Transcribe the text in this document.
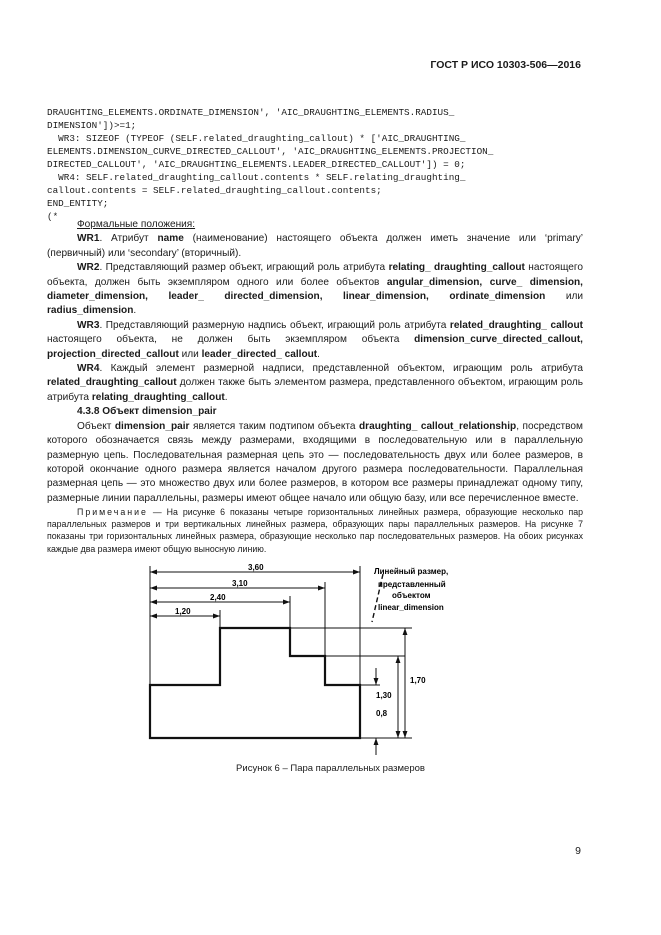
ГОСТ Р ИСО 10303-506—2016

DRAUGHTING_ELEMENTS.ORDINATE_DIMENSION', 'AIC_DRAUGHTING_ELEMENTS.RADIUS_
DIMENSION'])>=1;
WR3: SIZEOF (TYPEOF (SELF.related_draughting_callout) * ['AIC_DRAUGHTING_
ELEMENTS.DIMENSION_CURVE_DIRECTED_CALLOUT', 'AIC_DRAUGHTING_ELEMENTS.PROJECTION_
DIRECTED_CALLOUT', 'AIC_DRAUGHTING_ELEMENTS.LEADER_DIRECTED_CALLOUT']) = 0;
WR4: SELF.related_draughting_callout.contents * SELF.relating_draughting_
callout.contents = SELF.related_draughting_callout.contents;
END_ENTITY;
(*

Формальные положения:

WR1. Атрибут name (наименование) настоящего объекта должен иметь значение или ‘primary’ (первичный) или ‘secondary’ (вторичный).

WR2. Представляющий размер объект, играющий роль атрибута relating_ draughting_callout настоящего объекта, должен быть экземпляром одного или более объектов angular_dimension, curve_ dimension, diameter_dimension, leader_ directed_dimension, linear_dimension, ordinate_dimension или radius_dimension.

WR3. Представляющий размерную надпись объект, играющий роль атрибута related_draughting_ callout настоящего объекта, не должен быть экземпляром объекта dimension_curve_directed_callout, projection_directed_callout или leader_directed_ callout.

WR4. Каждый элемент размерной надписи, представленной объектом, играющим роль атрибута related_draughting_callout должен также быть элементом размера, представленного объектом, играющим роль атрибута relating_draughting_callout.

4.3.8 Объект dimension_pair

Объект dimension_pair является таким подтипом объекта draughting_ callout_relationship, посредством которого обозначается связь между размерами, входящими в последовательную или в параллельную размерную цепь. Последовательная размерная цепь это — последовательность двух или более размеров, в которой окончание одного размера является началом другого размера последовательности. Параллельная размерная цепь — это множество двух или более размеров, в котором все размеры принадлежат одному типу, размерные линии параллельны, размеры имеют общее начало или общую базу, или все перечисленное вместе.

Примечание — На рисунке 6 показаны четыре горизонтальных линейных размера, образующие несколько пар параллельных размеров и три вертикальных линейных размера, образующих пары параллельных размеров. На рисунке 7 показаны три горизонтальных линейных размера, образующие несколько пар последовательных размеров. На обоих рисунках каждые два размера имеют общую выносную линию.
3,60
3,10
2,40
1,20
1,70
1,30
0,8
Линейный размер, представленный объектом linear_dimension
Рисунок 6 – Пара параллельных размеров
9
